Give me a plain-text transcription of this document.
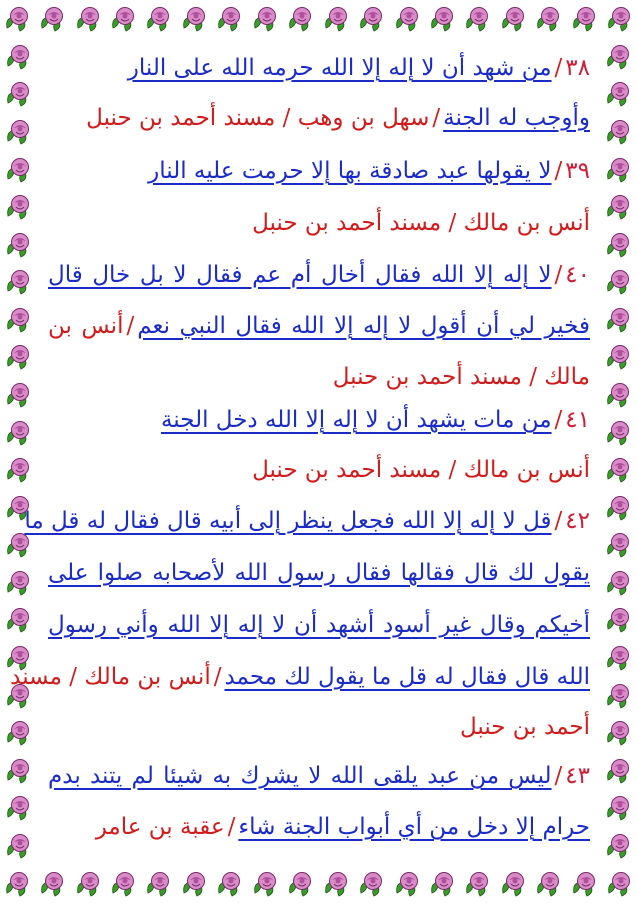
٣٨/من شهد أن لا إله إلا الله حرمه الله على النار
وأوجب له الجنة/سهل بن وهب / مسند أحمد بن حنبل
٣٩/لا يقولها عبد صادقة بها إلا حرمت عليه النار
أنس بن مالك / مسند أحمد بن حنبل
٤٠/لا إله إلا الله فقال أخال أم عم فقال لا بل خال قال
فخير لي أن أقول لا إله إلا الله فقال النبي نعم/أنس بن
مالك / مسند أحمد بن حنبل
٤١/من مات يشهد أن لا إله إلا الله دخل الجنة
أنس بن مالك / مسند أحمد بن حنبل
٤٢/قل لا إله إلا الله فجعل ينظر إلى أبيه قال فقال له قل ما
يقول لك قال فقالها فقال رسول الله لأصحابه صلوا على
أخيكم وقال غير أسود أشهد أن لا إله إلا الله وأني رسول
الله قال فقال له قل ما يقول لك محمد/أنس بن مالك / مسند
أحمد بن حنبل
٤٣/ليس من عبد يلقى الله لا يشرك به شيئا لم يتند بدم
حرام إلا دخل من أي أبواب الجنة شاء/عقبة بن عامر
